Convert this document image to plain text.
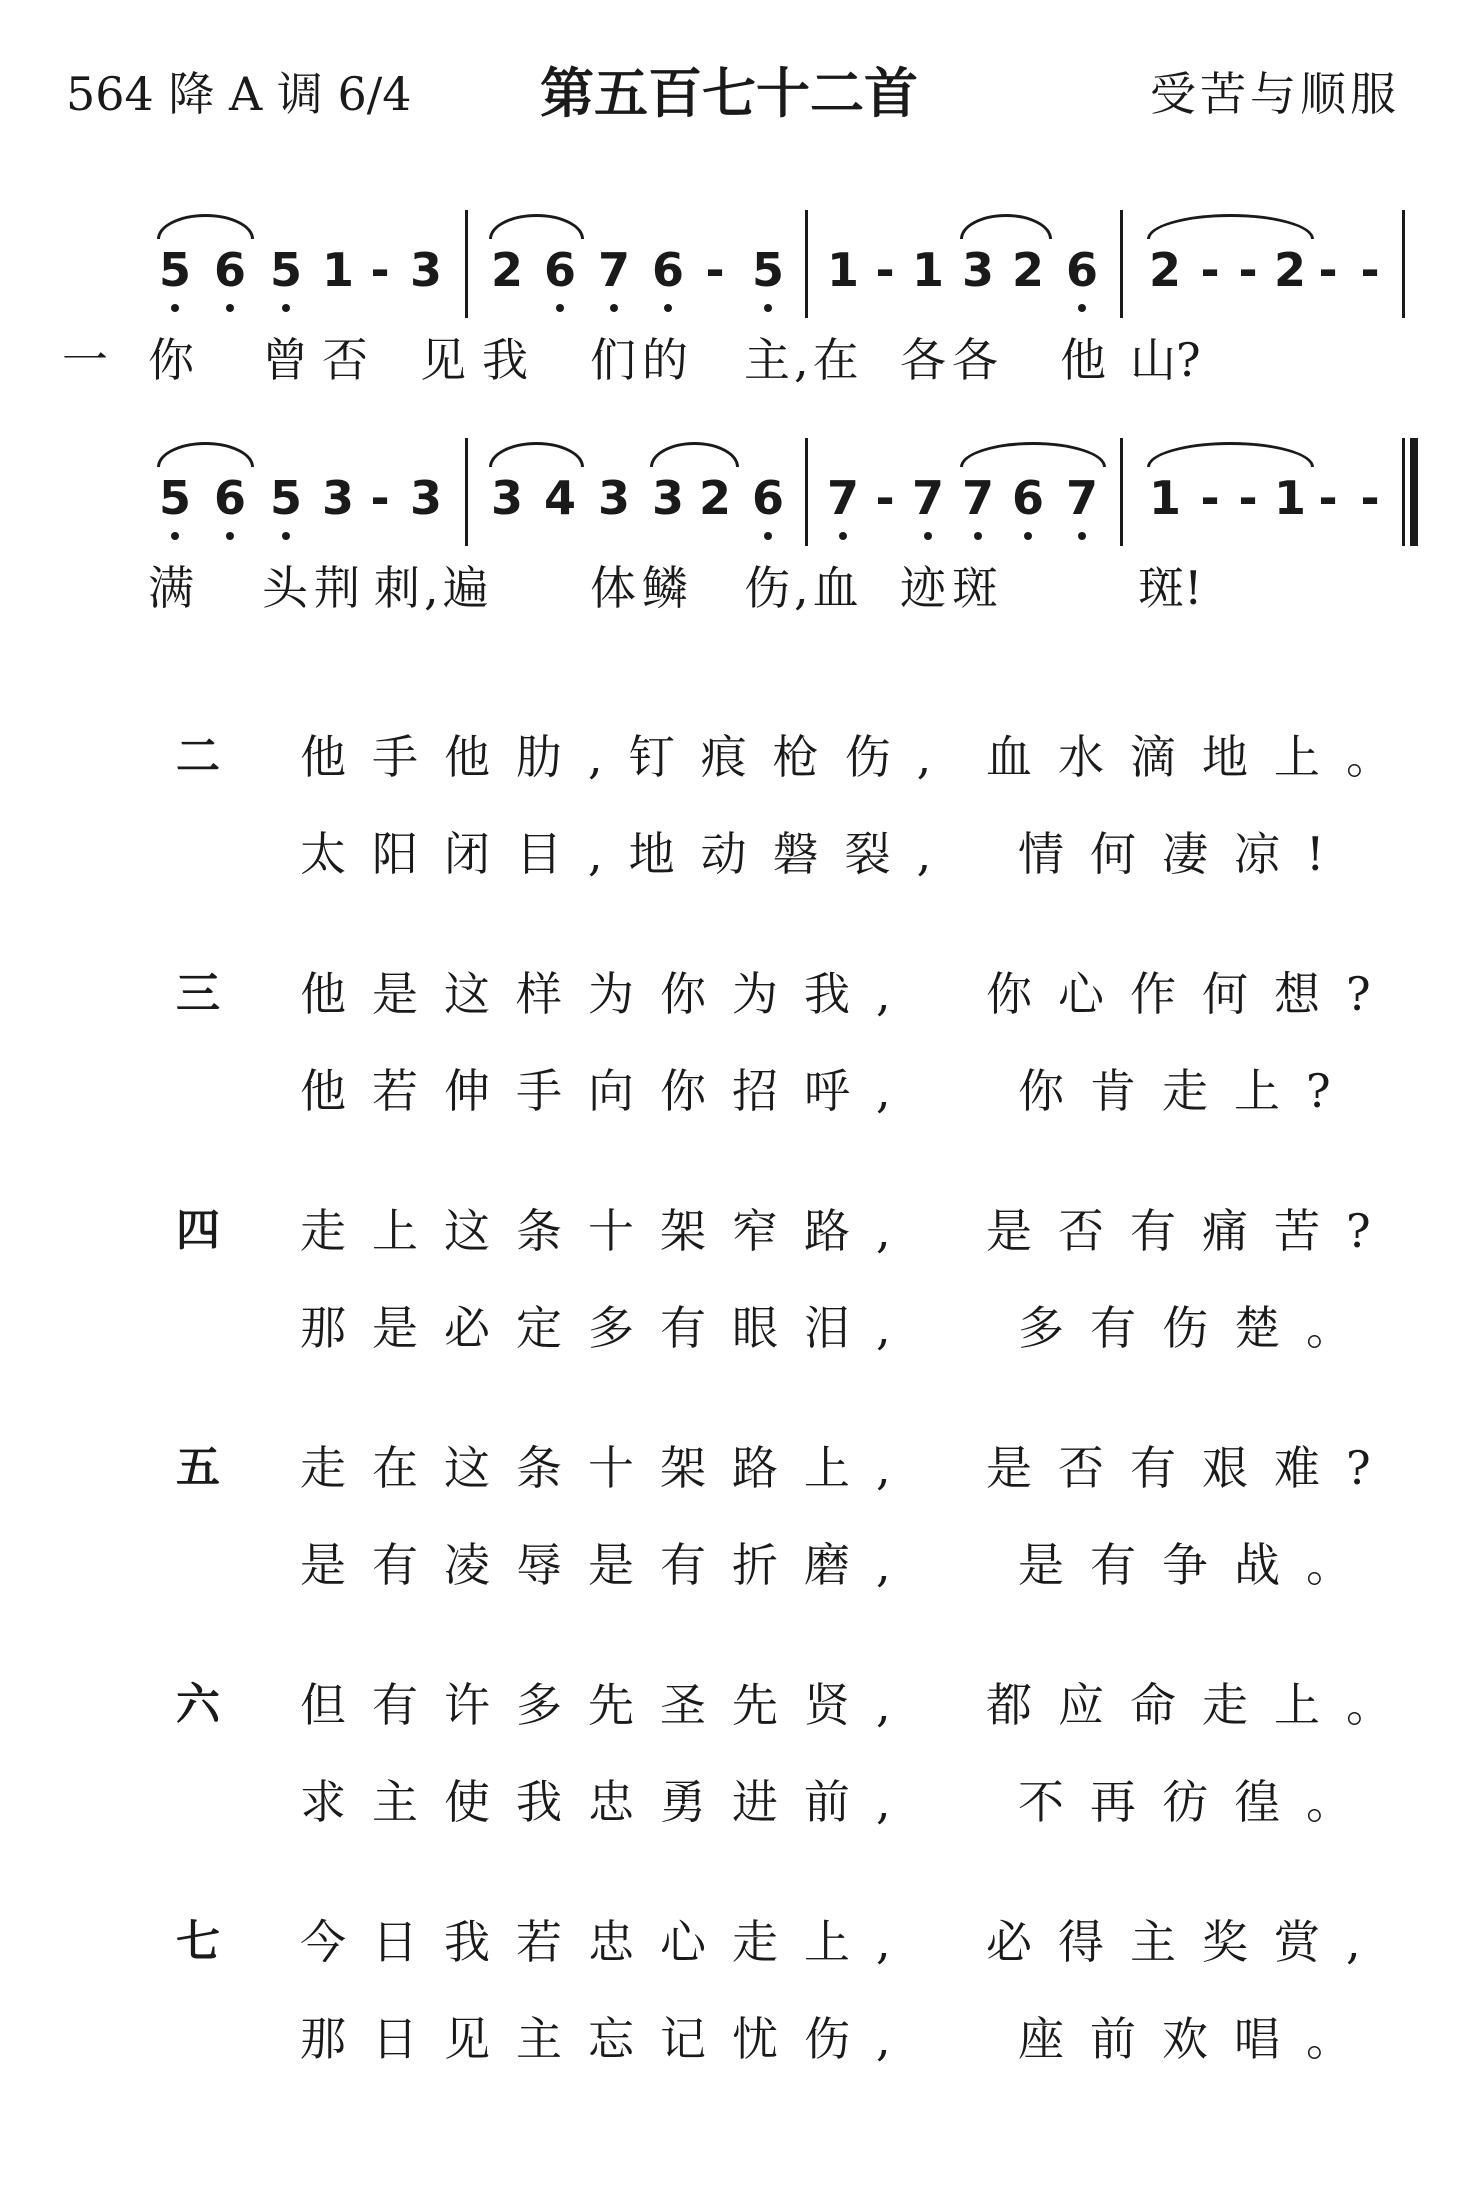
564 降 A 调 6/4 第五百七十二首	受苦与顺服
5 6 5 1 - 3 2 6 7 6 - 5 1 - 1 3 2 6 2 - - 2 - -
一 你 曾否 见 我 们的 主,在 各各 他 山?
5 6 5 3 - 3 3 4 3 3 2 6 7 - 7 7 6 7 1 - - 1 - -
满 头荆 刺,遍 体鳞 伤,血 迹斑	斑!
二 他手他肋,钉痕枪伤, 血水滴地上。
太阳闭目,地动磐裂, 情何凄凉!
三 他是这样为你为我, 你心作何想?
他若伸手向你招呼, 你肯走上?
四 走上这条十架窄路, 是否有痛苦?
那是必定多有眼泪, 多有伤楚。
五 走在这条十架路上, 是否有艰难?
是有凌辱是有折磨, 是有争战。
六 但有许多先圣先贤, 都应命走上。
求主使我忠勇进前, 不再彷徨。
七 今日我若忠心走上, 必得主奖赏,
那日见主忘记忧伤, 座前欢唱。
